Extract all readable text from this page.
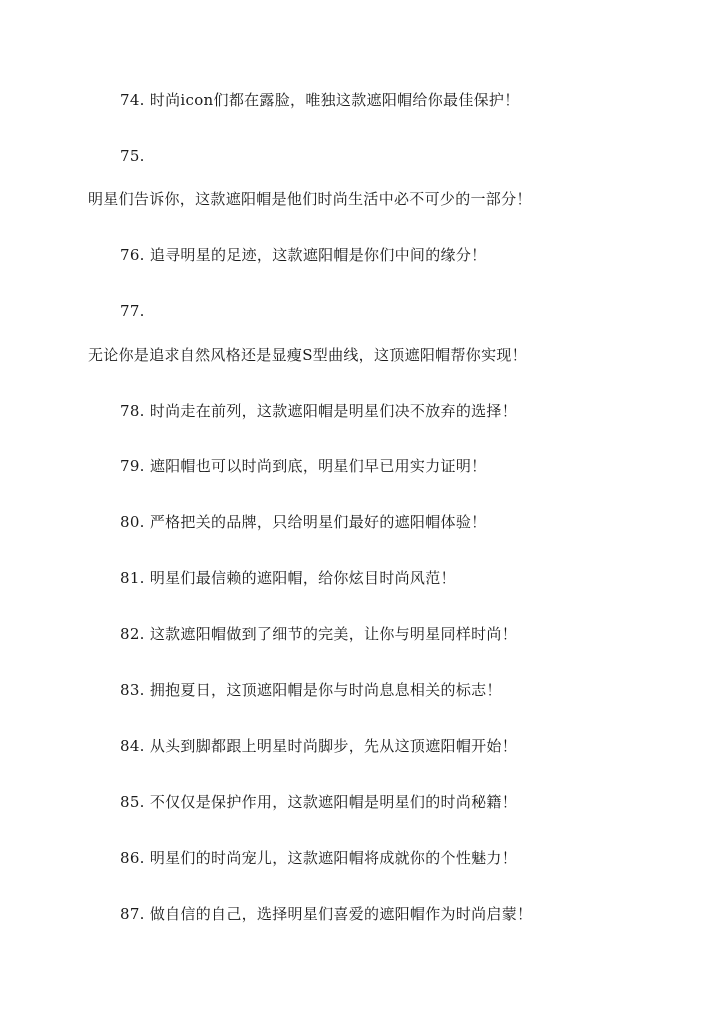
74. 时尚icon们都在露脸，唯独这款遮阳帽给你最佳保护！
75.
明星们告诉你，这款遮阳帽是他们时尚生活中必不可少的一部分！
76. 追寻明星的足迹，这款遮阳帽是你们中间的缘分！
77.
无论你是追求自然风格还是显瘦S型曲线，这顶遮阳帽帮你实现！
78. 时尚走在前列，这款遮阳帽是明星们决不放弃的选择！
79. 遮阳帽也可以时尚到底，明星们早已用实力证明！
80. 严格把关的品牌，只给明星们最好的遮阳帽体验！
81. 明星们最信赖的遮阳帽，给你炫目时尚风范！
82. 这款遮阳帽做到了细节的完美，让你与明星同样时尚！
83. 拥抱夏日，这顶遮阳帽是你与时尚息息相关的标志！
84. 从头到脚都跟上明星时尚脚步，先从这顶遮阳帽开始！
85. 不仅仅是保护作用，这款遮阳帽是明星们的时尚秘籍！
86. 明星们的时尚宠儿，这款遮阳帽将成就你的个性魅力！
87. 做自信的自己，选择明星们喜爱的遮阳帽作为时尚启蒙！
